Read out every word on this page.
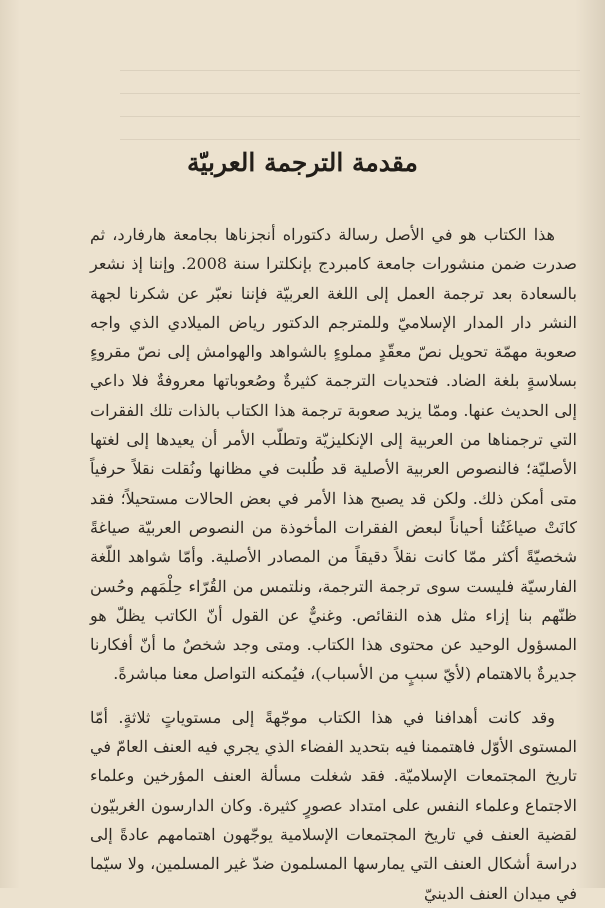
مقدمة الترجمة العربيّة

هذا الكتاب هو في الأصل رسالة دكتوراه أنجزناها بجامعة هارفارد، ثم صدرت ضمن منشورات جامعة كامبردج بإنكلترا سنة 2008. وإننا إذ نشعر بالسعادة بعد ترجمة العمل إلى اللغة العربيّة فإننا نعبّر عن شكرنا لجهة النشر دار المدار الإسلاميّ وللمترجم الدكتور رياض الميلادي الذي واجه صعوبة مهمّة تحويل نصّ معقّدٍ مملوءٍ بالشواهد والهوامش إلى نصّ مقروءٍ بسلاسةٍ بلغة الضاد. فتحديات الترجمة كثيرةٌ وصُعوباتها معروفةٌ فلا داعي إلى الحديث عنها. وممّا يزيد صعوبة ترجمة هذا الكتاب بالذات تلك الفقرات التي ترجمناها من العربية إلى الإنكليزيّة وتطلّب الأمر أن يعيدها إلى لغتها الأصليّة؛ فالنصوص العربية الأصلية قد طُلبت في مظانها ونُقلت نقلاً حرفياً متى أمكن ذلك. ولكن قد يصبح هذا الأمر في بعض الحالات مستحيلاً؛ فقد كانَتْ صياغَتُنا أحياناً لبعض الفقرات المأخوذة من النصوص العربيّة صياغةً شخصيّةً أكثر ممّا كانت نقلاً دقيقاً من المصادر الأصلية. وأمّا شواهد اللّغة الفارسيّة فليست سوى ترجمة الترجمة، ونلتمس من القُرّاء حِلْمَهم وحُسن ظنّهم بنا إزاء مثل هذه النقائص. وغنيٌّ عن القول أنّ الكاتب يظلّ هو المسؤول الوحيد عن محتوى هذا الكتاب. ومتى وجد شخصٌ ما أنّ أفكارنا جديرةٌ بالاهتمام (لأيّ سببٍ من الأسباب)، فيُمكنه التواصل معنا مباشرةً.

وقد كانت أهدافنا في هذا الكتاب موجّهةً إلى مستوياتٍ ثلاثةٍ. أمّا المستوى الأوّل فاهتممنا فيه بتحديد الفضاء الذي يجري فيه العنف العامّ في تاريخ المجتمعات الإسلاميّة. فقد شغلت مسألة العنف المؤرخين وعلماء الاجتماع وعلماء النفس على امتداد عصورٍ كثيرة. وكان الدارسون الغربيّون لقضية العنف في تاريخ المجتمعات الإسلامية يوجّهون اهتمامهم عادةً إلى دراسة أشكال العنف التي يمارسها المسلمون ضدّ غير المسلمين، ولا سيّما في ميدان العنف الدينيّ
